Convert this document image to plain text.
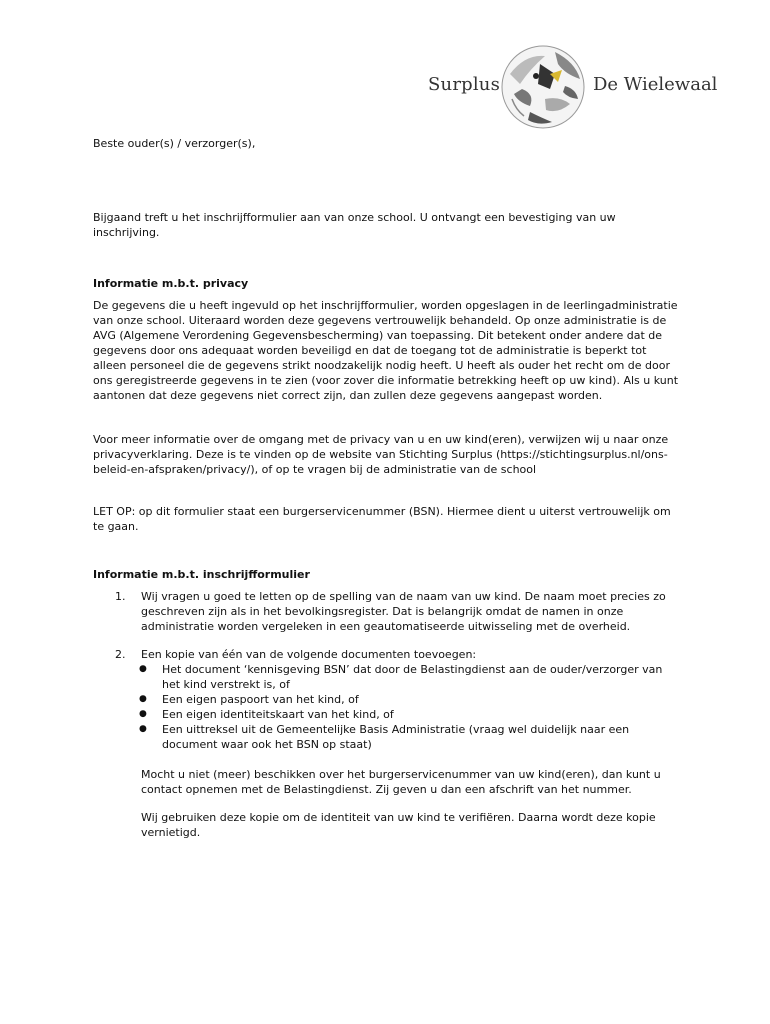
Surplus	De Wielewaal

Beste ouder(s) / verzorger(s),

Bijgaand treft u het inschrijfformulier aan van onze school. U ontvangt een bevestiging van uw inschrijving.

Informatie m.b.t. privacy

De gegevens die u heeft ingevuld op het inschrijfformulier, worden opgeslagen in de leerlingadministratie van onze school. Uiteraard worden deze gegevens vertrouwelijk behandeld. Op onze administratie is de AVG (Algemene Verordening Gegevensbescherming) van toepassing. Dit betekent onder andere dat de gegevens door ons adequaat worden beveiligd en dat de toegang tot de administratie is beperkt tot alleen personeel die de gegevens strikt noodzakelijk nodig heeft. U heeft als ouder het recht om de door ons geregistreerde gegevens in te zien (voor zover die informatie betrekking heeft op uw kind). Als u kunt aantonen dat deze gegevens niet correct zijn, dan zullen deze gegevens aangepast worden.

Voor meer informatie over de omgang met de privacy van u en uw kind(eren), verwijzen wij u naar onze privacyverklaring. Deze is te vinden op de website van Stichting Surplus (https://stichtingsurplus.nl/ons-beleid-en-afspraken/privacy/), of op te vragen bij de administratie van de school

LET OP: op dit formulier staat een burgerservicenummer (BSN). Hiermee dient u uiterst vertrouwelijk om te gaan.

Informatie m.b.t. inschrijfformulier

1. Wij vragen u goed te letten op de spelling van de naam van uw kind. De naam moet precies zo geschreven zijn als in het bevolkingsregister. Dat is belangrijk omdat de namen in onze administratie worden vergeleken in een geautomatiseerde uitwisseling met de overheid.
2. Een kopie van één van de volgende documenten toevoegen:
● Het document ‘kennisgeving BSN’ dat door de Belastingdienst aan de ouder/verzorger van het kind verstrekt is, of
● Een eigen paspoort van het kind, of
● Een eigen identiteitskaart van het kind, of
● Een uittreksel uit de Gemeentelijke Basis Administratie (vraag wel duidelijk naar een document waar ook het BSN op staat)

Mocht u niet (meer) beschikken over het burgerservicenummer van uw kind(eren), dan kunt u contact opnemen met de Belastingdienst. Zij geven u dan een afschrift van het nummer.

Wij gebruiken deze kopie om de identiteit van uw kind te verifiëren. Daarna wordt deze kopie vernietigd.
